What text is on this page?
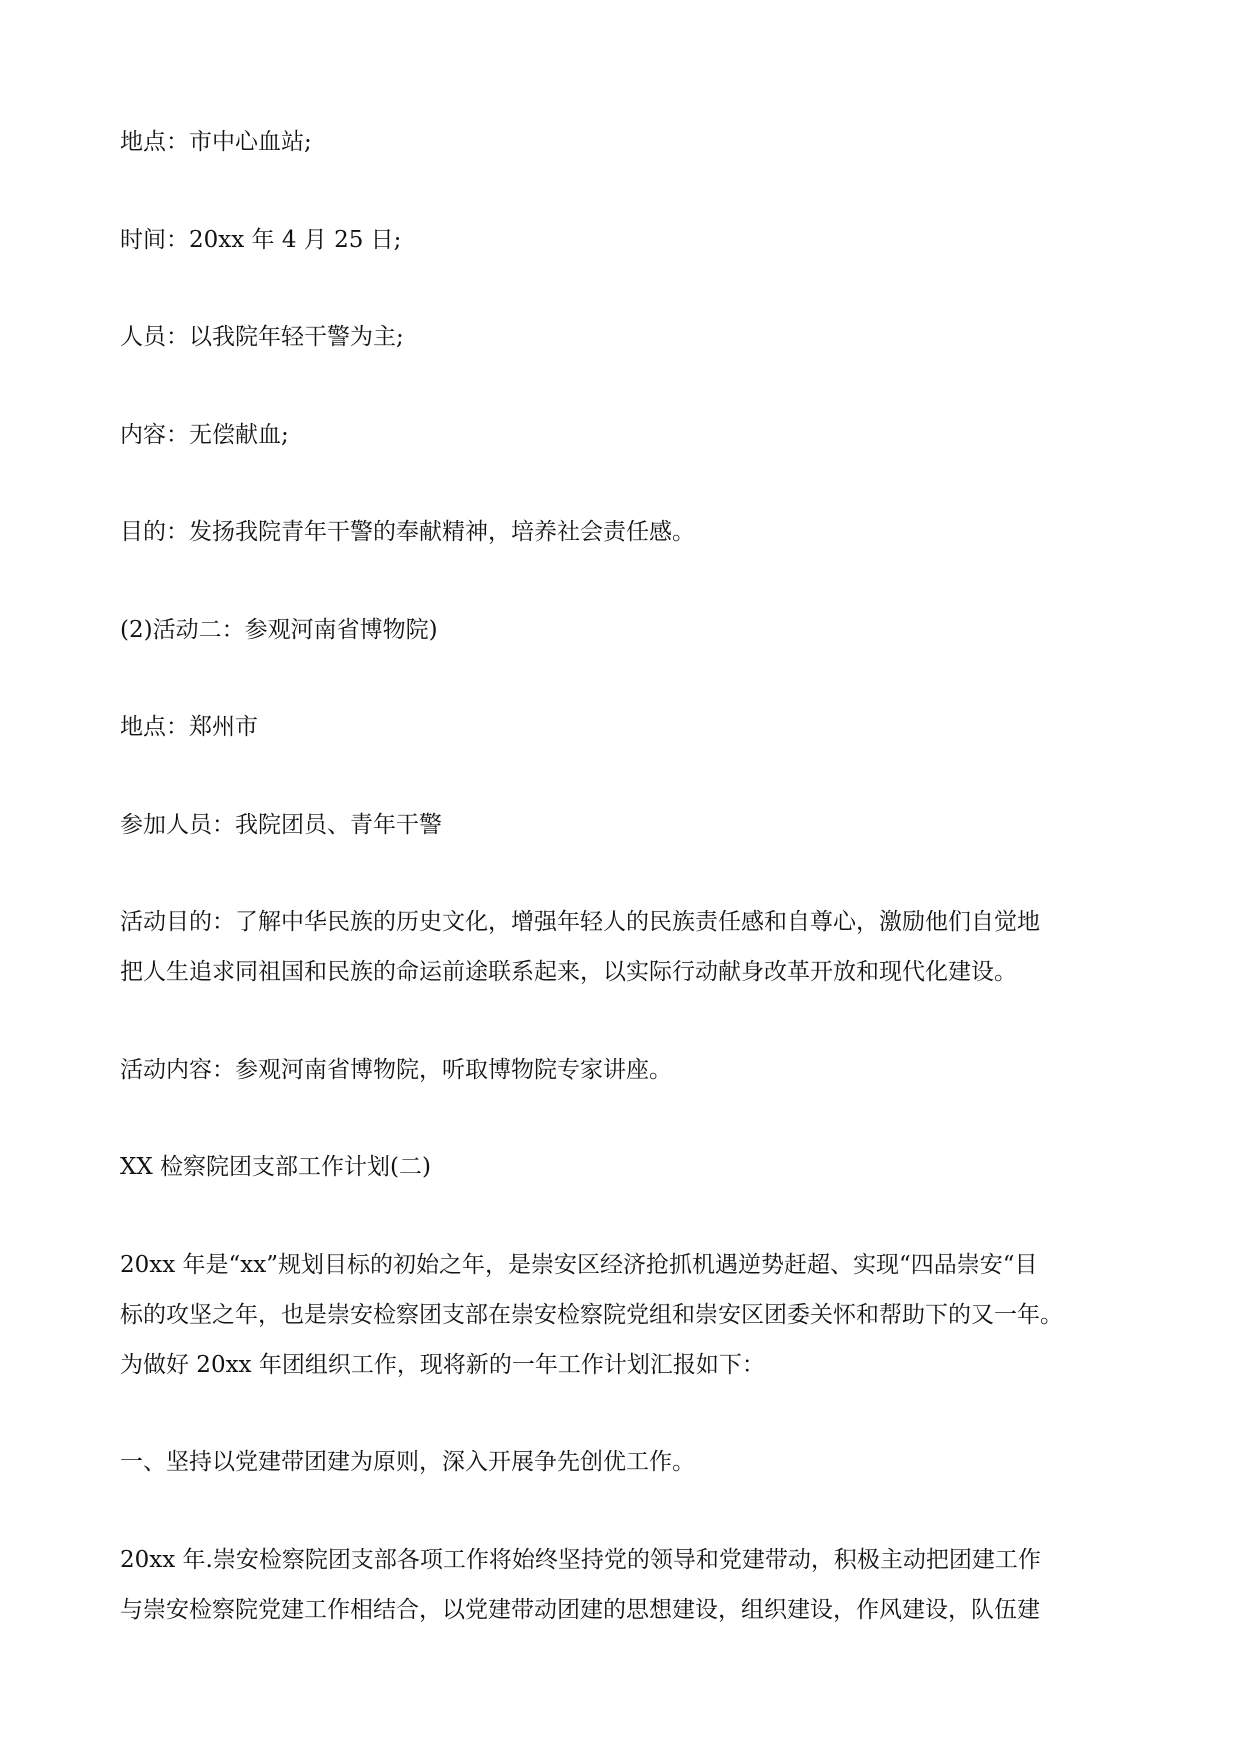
地点：市中心血站;

时间：20xx 年 4 月 25 日;

人员：以我院年轻干警为主;

内容：无偿献血;

目的：发扬我院青年干警的奉献精神，培养社会责任感。

(2)活动二：参观河南省博物院)

地点：郑州市

参加人员：我院团员、青年干警

活动目的：了解中华民族的历史文化，增强年轻人的民族责任感和自尊心，激励他们自觉地

把人生追求同祖国和民族的命运前途联系起来，以实际行动献身改革开放和现代化建设。

活动内容：参观河南省博物院，听取博物院专家讲座。

XX 检察院团支部工作计划(二)

20xx 年是“xx”规划目标的初始之年，是崇安区经济抢抓机遇逆势赶超、实现“四品崇安“目

标的攻坚之年，也是崇安检察团支部在崇安检察院党组和崇安区团委关怀和帮助下的又一年。

为做好 20xx 年团组织工作，现将新的一年工作计划汇报如下：

一、坚持以党建带团建为原则，深入开展争先创优工作。

20xx 年.崇安检察院团支部各项工作将始终坚持党的领导和党建带动，积极主动把团建工作

与崇安检察院党建工作相结合，以党建带动团建的思想建设，组织建设，作风建设，队伍建
